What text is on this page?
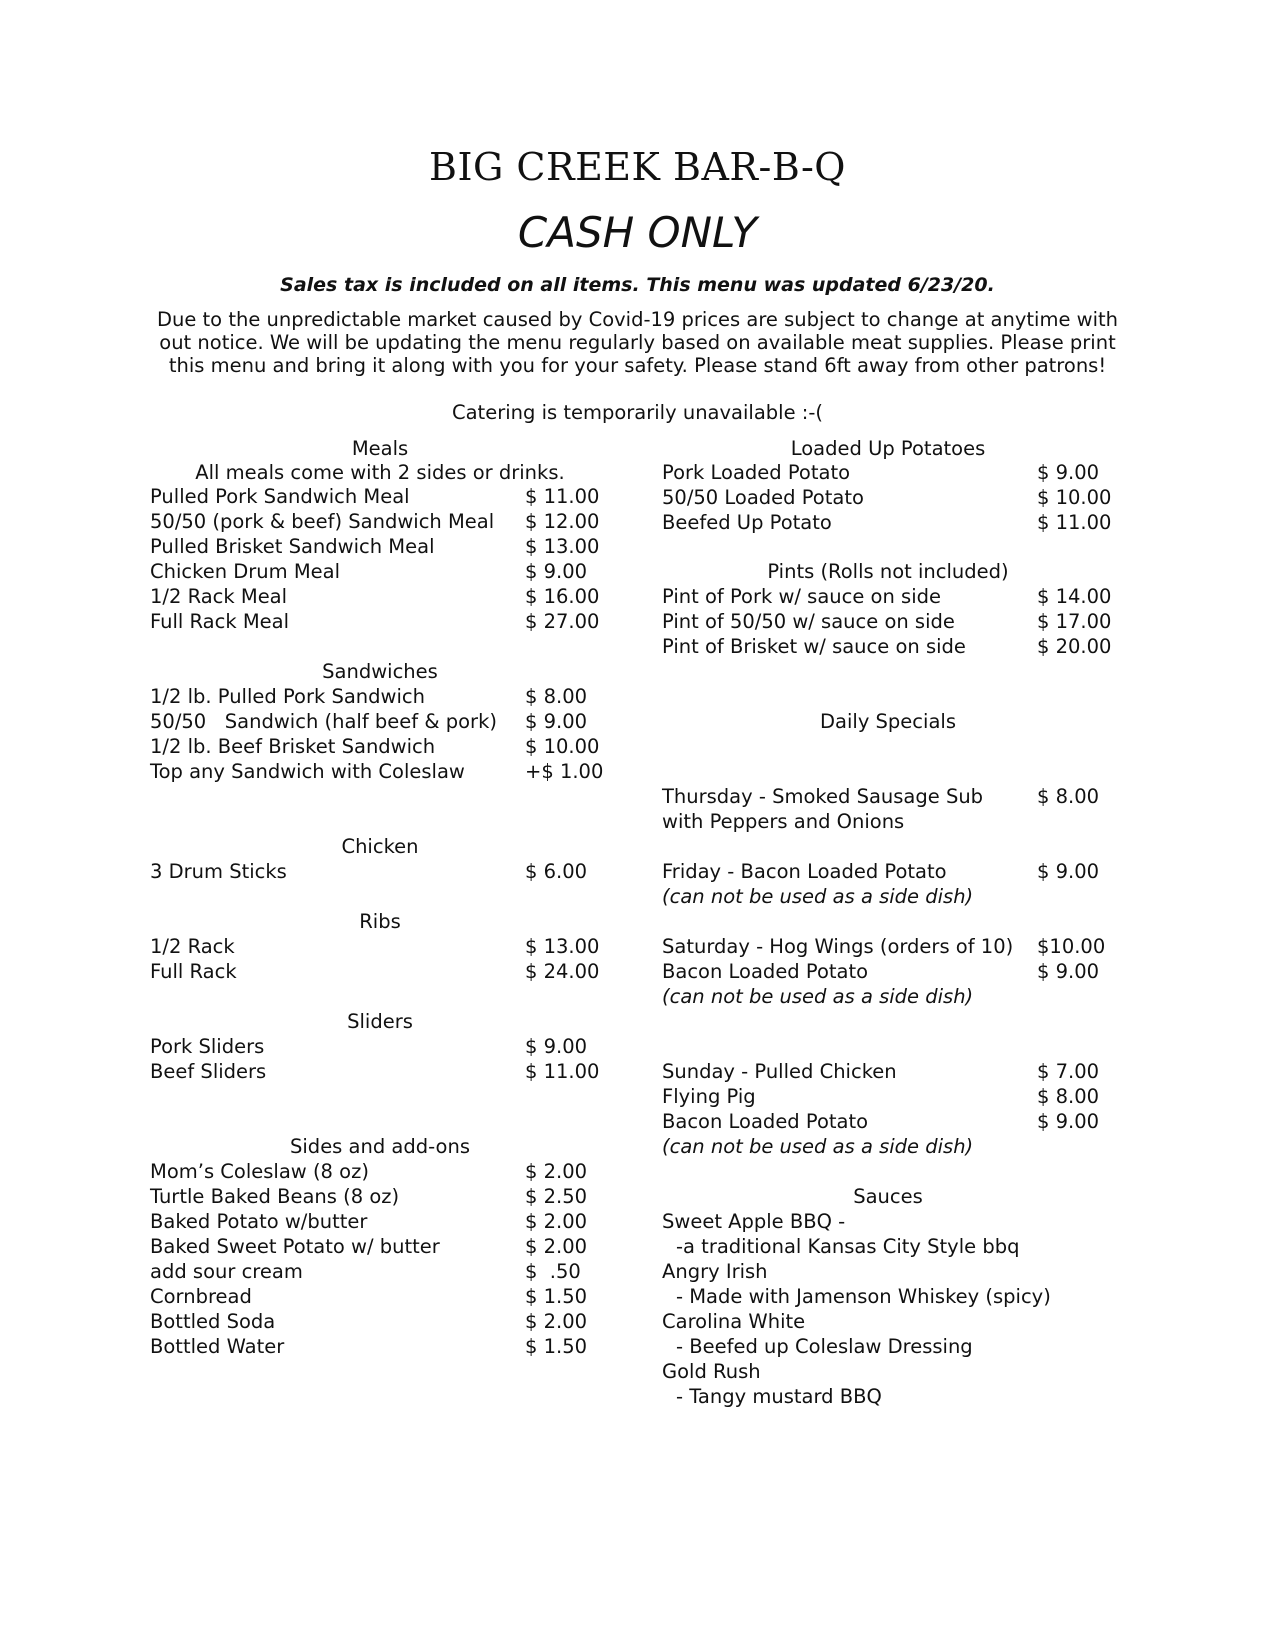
BIG CREEK BAR-B-Q
CASH ONLY
Sales tax is included on all items. This menu was updated 6/23/20.

Due to the unpredictable market caused by Covid-19 prices are subject to change at anytime with out notice. We will be updating the menu regularly based on available meat supplies. Please print this menu and bring it along with you for your safety. Please stand 6ft away from other patrons!

Catering is temporarily unavailable :-(
Meals
All meals come with 2 sides or drinks.
Pulled Pork Sandwich Meal	$ 11.00
50/50 (pork & beef) Sandwich Meal $ 12.00
Pulled Brisket Sandwich Meal	$ 13.00
Chicken Drum Meal	$ 9.00
1/2 Rack Meal	$ 16.00
Full Rack Meal	$ 27.00
Sandwiches
1/2 lb. Pulled Pork Sandwich	$ 8.00
50/50   Sandwich (half beef & pork) $ 9.00
1/2 lb. Beef Brisket Sandwich	$ 10.00
Top any Sandwich with Coleslaw	+$ 1.00
Chicken
3 Drum Sticks	$ 6.00
Ribs
1/2 Rack	$ 13.00
Full Rack	$ 24.00
Sliders
Pork Sliders	$ 9.00
Beef Sliders	$ 11.00
Sides and add-ons
Mom’s Coleslaw (8 oz)	$ 2.00
Turtle Baked Beans (8 oz)	$ 2.50
Baked Potato w/butter	$ 2.00
Baked Sweet Potato w/ butter	$ 2.00
add sour cream	$  .50
Cornbread	$ 1.50
Bottled Soda	$ 2.00
Bottled Water	$ 1.50
Loaded Up Potatoes
Pork Loaded Potato	$ 9.00
50/50 Loaded Potato	$ 10.00
Beefed Up Potato	$ 11.00
Pints (Rolls not included)
Pint of Pork w/ sauce on side	$ 14.00
Pint of 50/50 w/ sauce on side	$ 17.00
Pint of Brisket w/ sauce on side	$ 20.00
Daily Specials
Thursday - Smoked Sausage Sub	$ 8.00
with Peppers and Onions
Friday - Bacon Loaded Potato	$ 9.00
(can not be used as a side dish)
Saturday - Hog Wings (orders of 10) $10.00
Bacon Loaded Potato	$ 9.00
(can not be used as a side dish)
Sunday - Pulled Chicken	$ 7.00
Flying Pig	$ 8.00
Bacon Loaded Potato	$ 9.00
(can not be used as a side dish)
Sauces
Sweet Apple BBQ -
-a traditional Kansas City Style bbq
Angry Irish
- Made with Jamenson Whiskey (spicy)
Carolina White
- Beefed up Coleslaw Dressing
Gold Rush
- Tangy mustard BBQ
